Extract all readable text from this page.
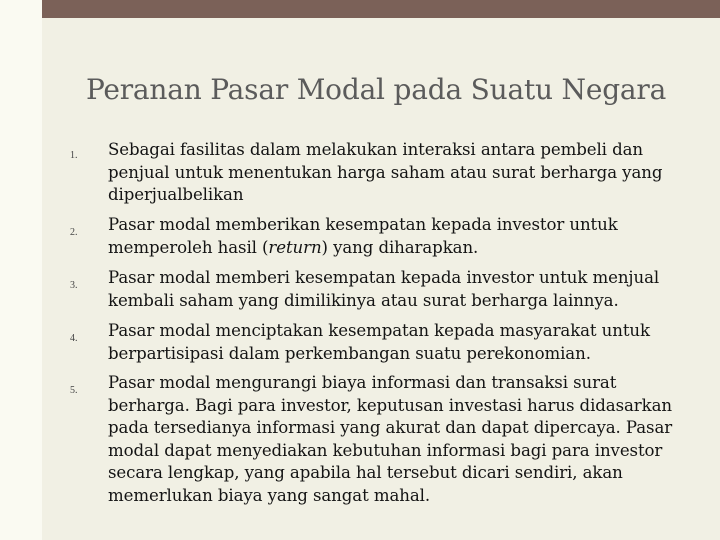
Peranan Pasar Modal pada Suatu Negara
1. Sebagai fasilitas dalam melakukan interaksi antara pembeli dan penjual untuk menentukan harga saham atau surat berharga yang diperjualbelikan
2. Pasar modal memberikan kesempatan kepada investor untuk memperoleh hasil (return) yang diharapkan.
3. Pasar modal memberi kesempatan kepada investor untuk menjual kembali saham yang dimilikinya atau surat berharga lainnya.
4. Pasar modal menciptakan kesempatan kepada masyarakat untuk berpartisipasi dalam perkembangan suatu perekonomian.
5. Pasar modal mengurangi biaya informasi dan transaksi surat berharga. Bagi para investor, keputusan investasi harus didasarkan pada tersedianya informasi yang akurat dan dapat dipercaya. Pasar modal dapat menyediakan kebutuhan informasi bagi para investor secara lengkap, yang apabila hal tersebut dicari sendiri, akan memerlukan biaya yang sangat mahal.
